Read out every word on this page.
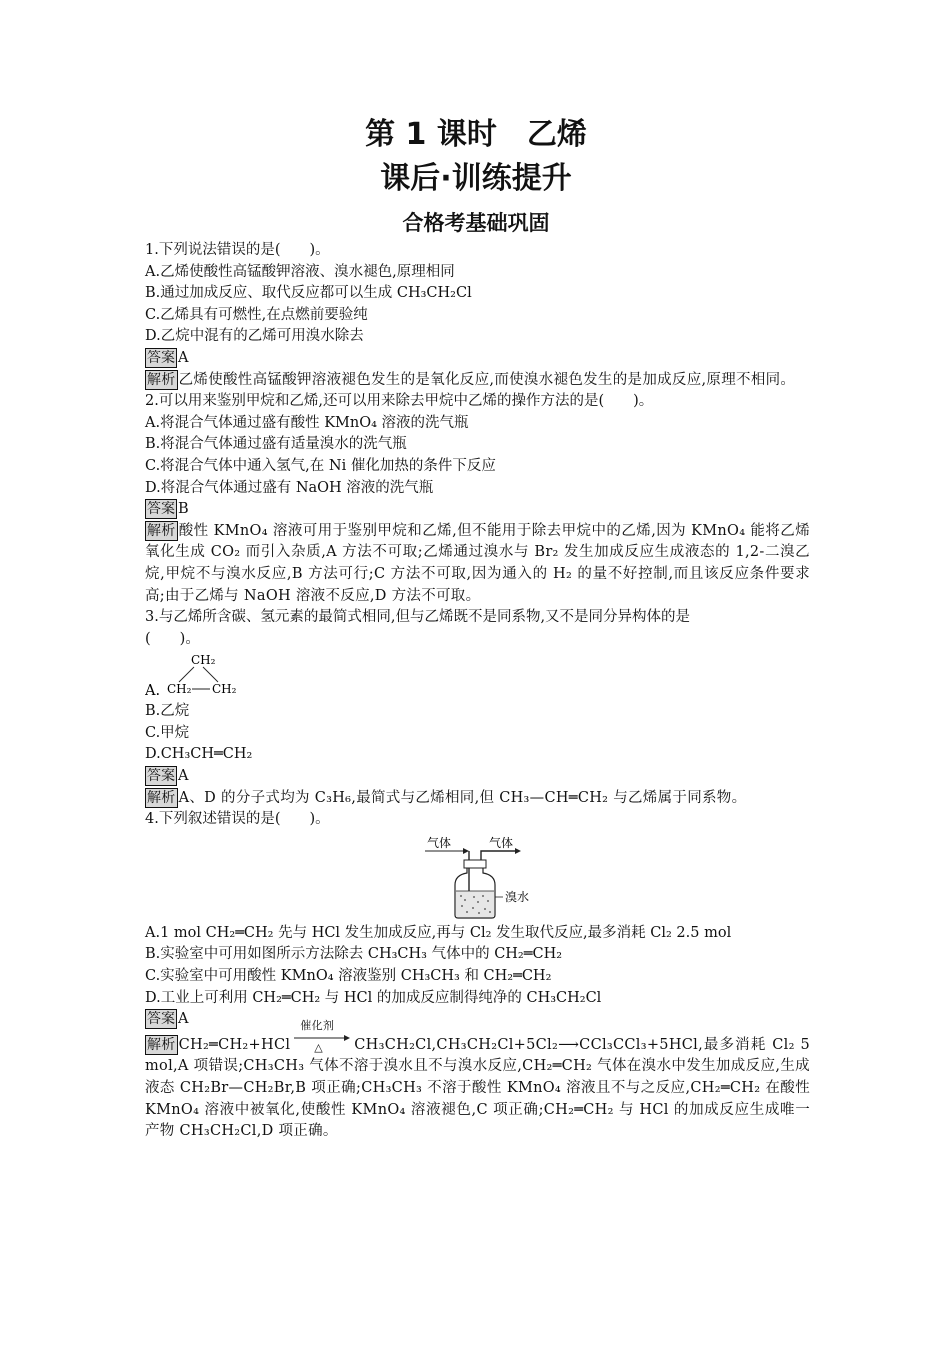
第 1 课时　乙烯
课后·训练提升
合格考基础巩固
1.下列说法错误的是(　　)。
A.乙烯使酸性高锰酸钾溶液、溴水褪色,原理相同
B.通过加成反应、取代反应都可以生成 CH₃CH₂Cl
C.乙烯具有可燃性,在点燃前要验纯
D.乙烷中混有的乙烯可用溴水除去
答案 A
解析 乙烯使酸性高锰酸钾溶液褪色发生的是氧化反应,而使溴水褪色发生的是加成反应,原理不相同。
2.可以用来鉴别甲烷和乙烯,还可以用来除去甲烷中乙烯的操作方法的是(　　)。
A.将混合气体通过盛有酸性 KMnO₄ 溶液的洗气瓶
B.将混合气体通过盛有适量溴水的洗气瓶
C.将混合气体中通入氢气,在 Ni 催化加热的条件下反应
D.将混合气体通过盛有 NaOH 溶液的洗气瓶
答案 B
解析 酸性 KMnO₄ 溶液可用于鉴别甲烷和乙烯,但不能用于除去甲烷中的乙烯,因为 KMnO₄ 能将乙烯氧化生成 CO₂ 而引入杂质,A 方法不可取;乙烯通过溴水与 Br₂ 发生加成反应生成液态的 1,2-二溴乙烷,甲烷不与溴水反应,B 方法可行;C 方法不可取,因为通入的 H₂ 的量不好控制,而且该反应条件要求高;由于乙烯与 NaOH 溶液不反应,D 方法不可取。
3.与乙烯所含碳、氢元素的最简式相同,但与乙烯既不是同系物,又不是同分异构体的是
(　　)。
A.
CH₂
CH₂ CH₂
B.乙烷
C.甲烷
D.CH₃CH═CH₂
答案 A
解析 A、D 的分子式均为 C₃H₆,最简式与乙烯相同,但 CH₃—CH═CH₂ 与乙烯属于同系物。
4.下列叙述错误的是(　　)。
气体	气体
溴水
A.1 mol CH₂═CH₂ 先与 HCl 发生加成反应,再与 Cl₂ 发生取代反应,最多消耗 Cl₂ 2.5 mol
B.实验室中可用如图所示方法除去 CH₃CH₃ 气体中的 CH₂═CH₂
C.实验室中可用酸性 KMnO₄ 溶液鉴别 CH₃CH₃ 和 CH₂═CH₂
D.工业上可利用 CH₂═CH₂ 与 HCl 的加成反应制得纯净的 CH₃CH₂Cl
答案 A
解析 CH₂═CH₂+HCl
催化剂
△ CH₃CH₂Cl,CH₃CH₂Cl+5Cl₂⟶CCl₃CCl₃+5HCl,最多消耗 Cl₂ 5 mol,A 项错误;CH₃CH₃ 气体不溶于溴水且不与溴水反应,CH₂═CH₂ 气体在溴水中发生加成反应,生成液态 CH₂Br—CH₂Br,B 项正确;CH₃CH₃ 不溶于酸性 KMnO₄ 溶液且不与之反应,CH₂═CH₂ 在酸性 KMnO₄ 溶液中被氧化,使酸性 KMnO₄ 溶液褪色,C 项正确;CH₂═CH₂ 与 HCl 的加成反应生成唯一产物 CH₃CH₂Cl,D 项正确。
